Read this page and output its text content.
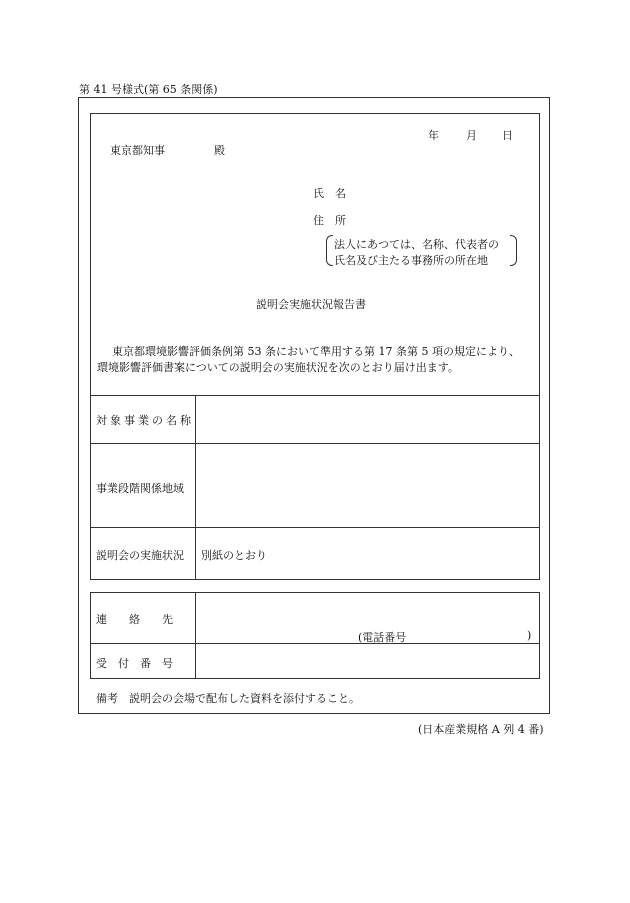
第 41 号様式(第 65 条関係)
年 月 日
東京都知事	殿
氏　名
住　所
法人にあつては、名称、代表者の
氏名及び主たる事務所の所在地
説明会実施状況報告書
東京都環境影響評価条例第 53 条において準用する第 17 条第 5 項の規定により、
環境影響評価書案についての説明会の実施状況を次のとおり届け出ます。
対象事業の名称
事業段階関係地域
説明会の実施状況 別紙のとおり
連　　絡　　先
(電話番号	)
受　付　番　号
備考　説明会の会場で配布した資料を添付すること。
(日本産業規格 A 列 4 番)
